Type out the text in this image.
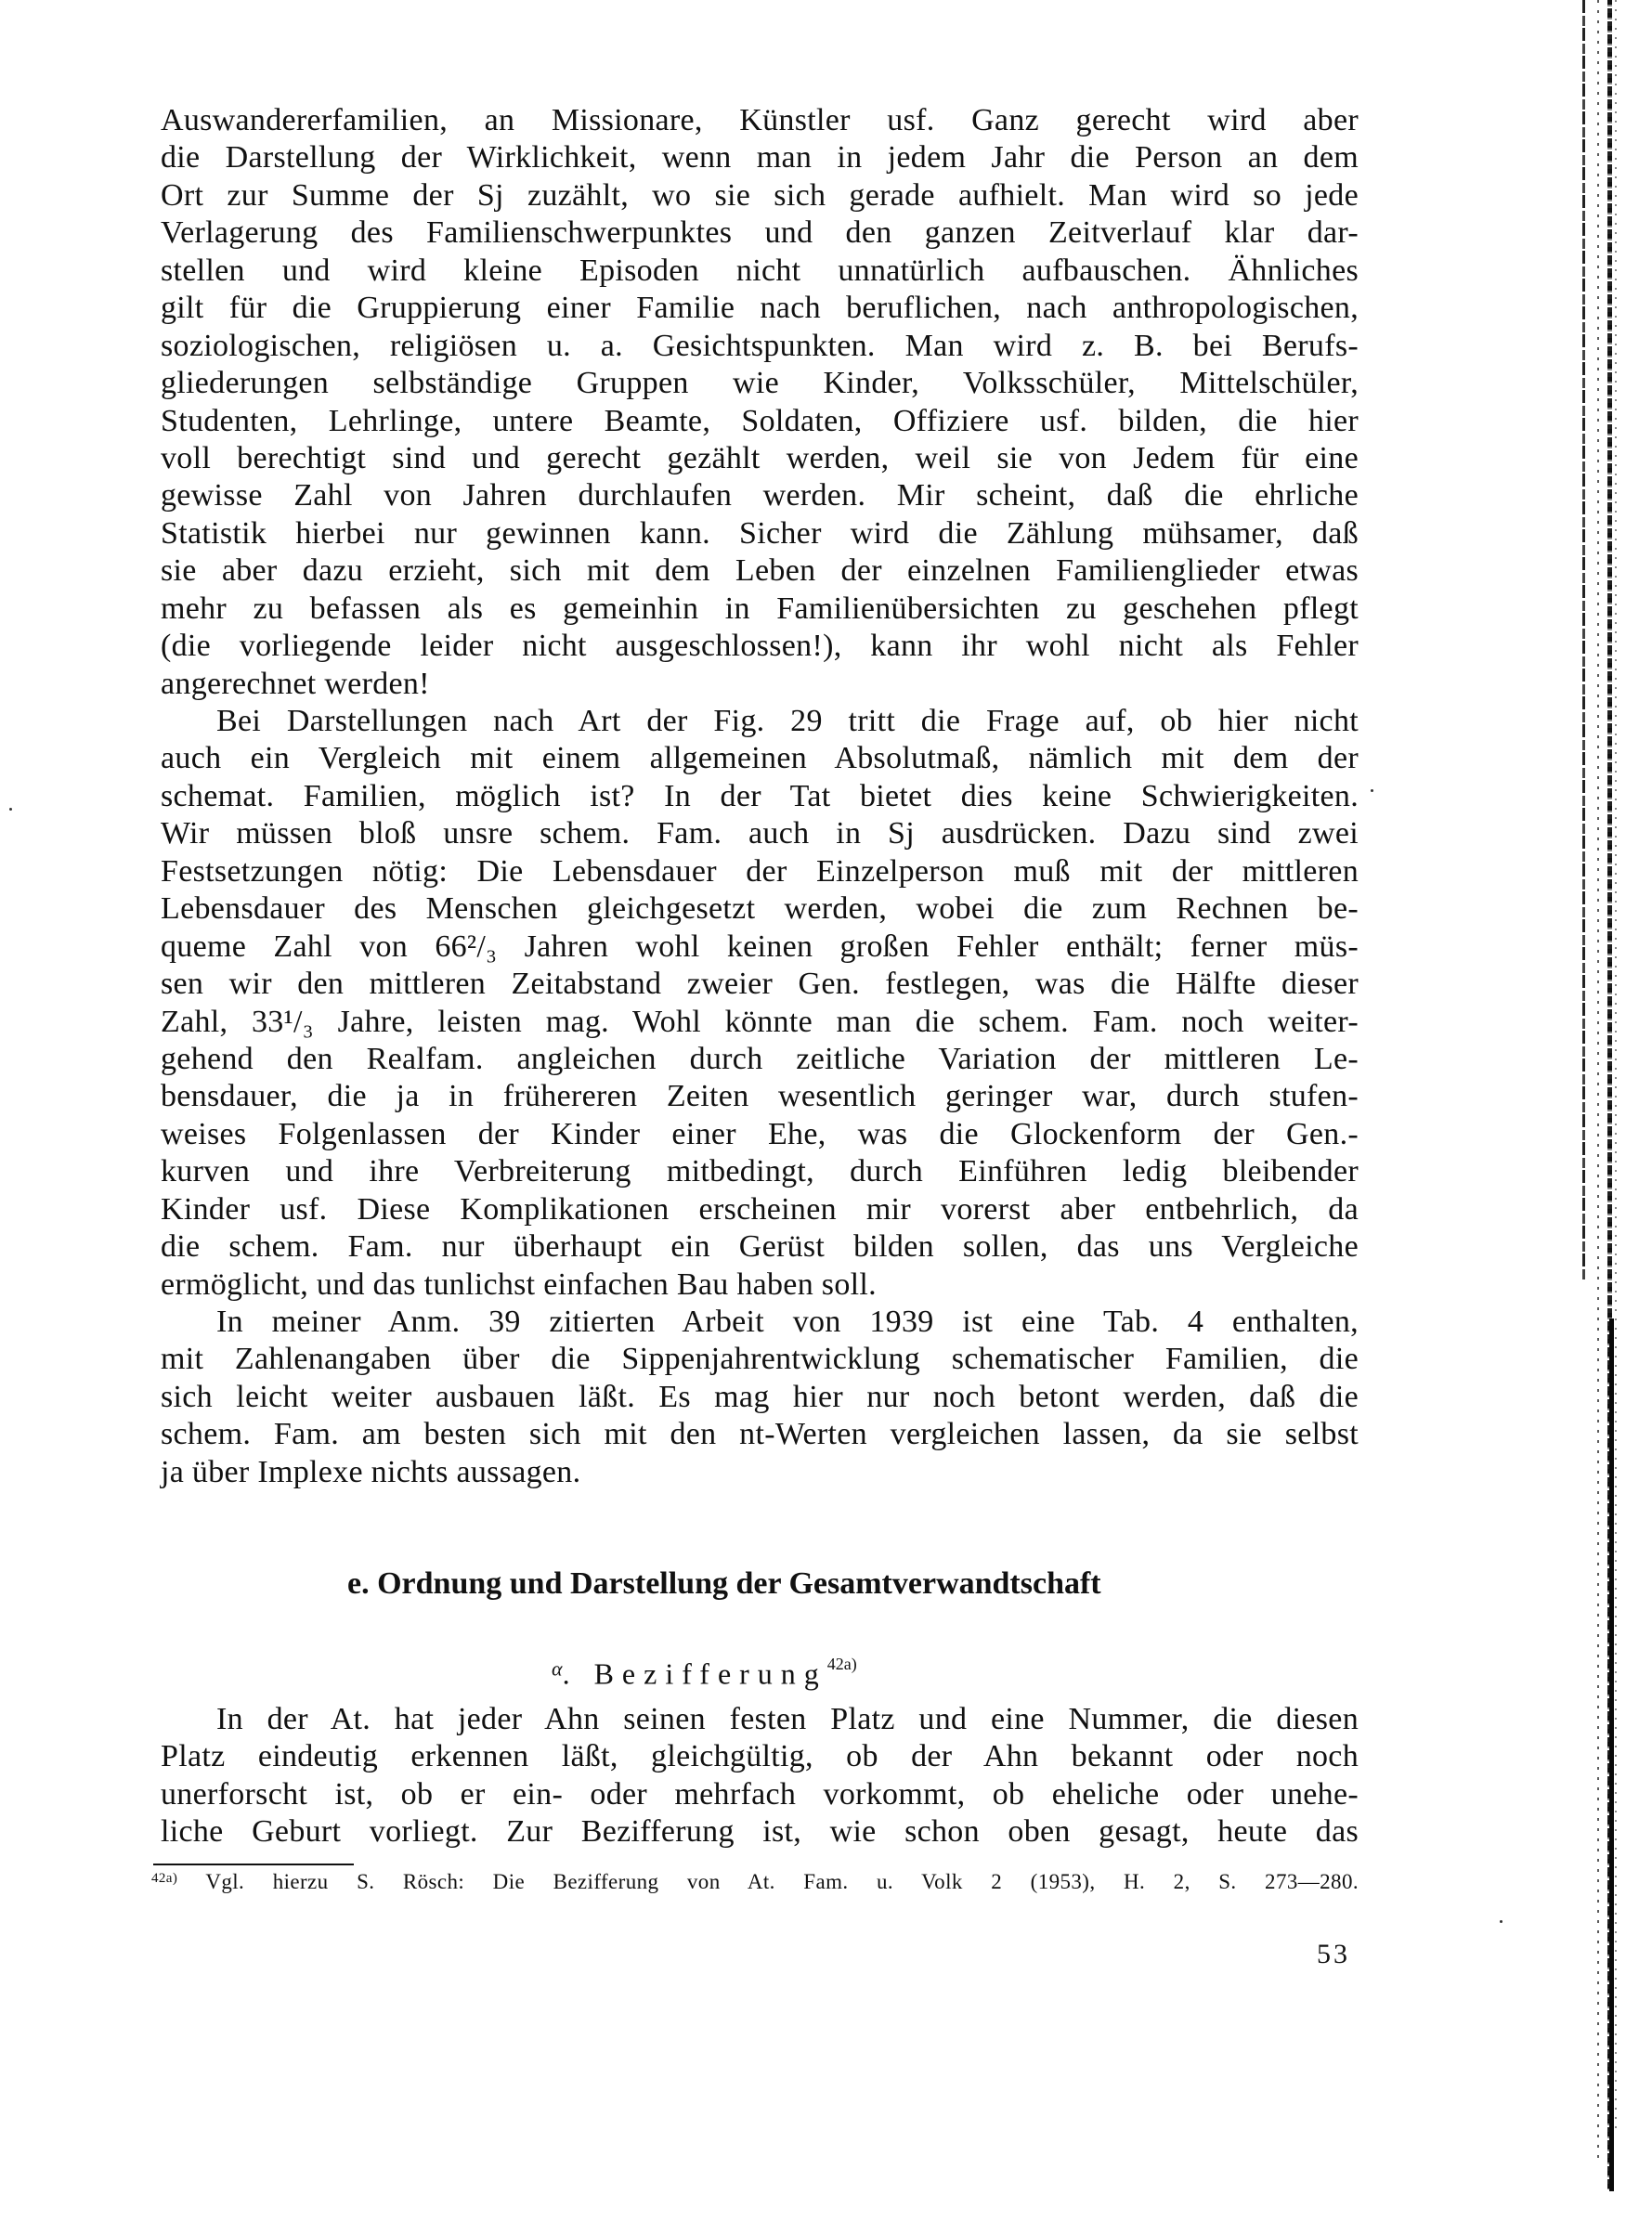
Auswandererfamilien, an Missionare, Künstler usf. Ganz gerecht wird aber
die Darstellung der Wirklichkeit, wenn man in jedem Jahr die Person an dem
Ort zur Summe der Sj zuzählt, wo sie sich gerade aufhielt. Man wird so jede
Verlagerung des Familienschwerpunktes und den ganzen Zeitverlauf klar dar-
stellen und wird kleine Episoden nicht unnatürlich aufbauschen. Ähnliches
gilt für die Gruppierung einer Familie nach beruflichen, nach anthropologischen,
soziologischen, religiösen u. a. Gesichtspunkten. Man wird z. B. bei Berufs-
gliederungen selbständige Gruppen wie Kinder, Volksschüler, Mittelschüler,
Studenten, Lehrlinge, untere Beamte, Soldaten, Offiziere usf. bilden, die hier
voll berechtigt sind und gerecht gezählt werden, weil sie von Jedem für eine
gewisse Zahl von Jahren durchlaufen werden. Mir scheint, daß die ehrliche
Statistik hierbei nur gewinnen kann. Sicher wird die Zählung mühsamer, daß
sie aber dazu erzieht, sich mit dem Leben der einzelnen Familienglieder etwas
mehr zu befassen als es gemeinhin in Familienübersichten zu geschehen pflegt
(die vorliegende leider nicht ausgeschlossen!), kann ihr wohl nicht als Fehler
angerechnet werden!
Bei Darstellungen nach Art der Fig. 29 tritt die Frage auf, ob hier nicht
auch ein Vergleich mit einem allgemeinen Absolutmaß, nämlich mit dem der
schemat. Familien, möglich ist? In der Tat bietet dies keine Schwierigkeiten.
Wir müssen bloß unsre schem. Fam. auch in Sj ausdrücken. Dazu sind zwei
Festsetzungen nötig: Die Lebensdauer der Einzelperson muß mit der mittleren
Lebensdauer des Menschen gleichgesetzt werden, wobei die zum Rechnen be-
queme Zahl von 66²/₃ Jahren wohl keinen großen Fehler enthält; ferner müs-
sen wir den mittleren Zeitabstand zweier Gen. festlegen, was die Hälfte dieser
Zahl, 33¹/₃ Jahre, leisten mag. Wohl könnte man die schem. Fam. noch weiter-
gehend den Realfam. angleichen durch zeitliche Variation der mittleren Le-
bensdauer, die ja in frühereren Zeiten wesentlich geringer war, durch stufen-
weises Folgenlassen der Kinder einer Ehe, was die Glockenform der Gen.-
kurven und ihre Verbreiterung mitbedingt, durch Einführen ledig bleibender
Kinder usf. Diese Komplikationen erscheinen mir vorerst aber entbehrlich, da
die schem. Fam. nur überhaupt ein Gerüst bilden sollen, das uns Vergleiche
ermöglicht, und das tunlichst einfachen Bau haben soll.
In meiner Anm. 39 zitierten Arbeit von 1939 ist eine Tab. 4 enthalten,
mit Zahlenangaben über die Sippenjahrentwicklung schematischer Familien, die
sich leicht weiter ausbauen läßt. Es mag hier nur noch betont werden, daß die
schem. Fam. am besten sich mit den nt-Werten vergleichen lassen, da sie selbst
ja über Implexe nichts aussagen.
e. Ordnung und Darstellung der Gesamtverwandtschaft
$^\alpha$. Bezifferung$^{42a)}$
In der At. hat jeder Ahn seinen festen Platz und eine Nummer, die diesen
Platz eindeutig erkennen läßt, gleichgültig, ob der Ahn bekannt oder noch
unerforscht ist, ob er ein- oder mehrfach vorkommt, ob eheliche oder unehe-
liche Geburt vorliegt. Zur Bezifferung ist, wie schon oben gesagt, heute das
$^{42a)}$ Vgl. hierzu S. Rösch: Die Bezifferung von At. Fam. u. Volk 2 (1953), H. 2, S. 273—280.
53
